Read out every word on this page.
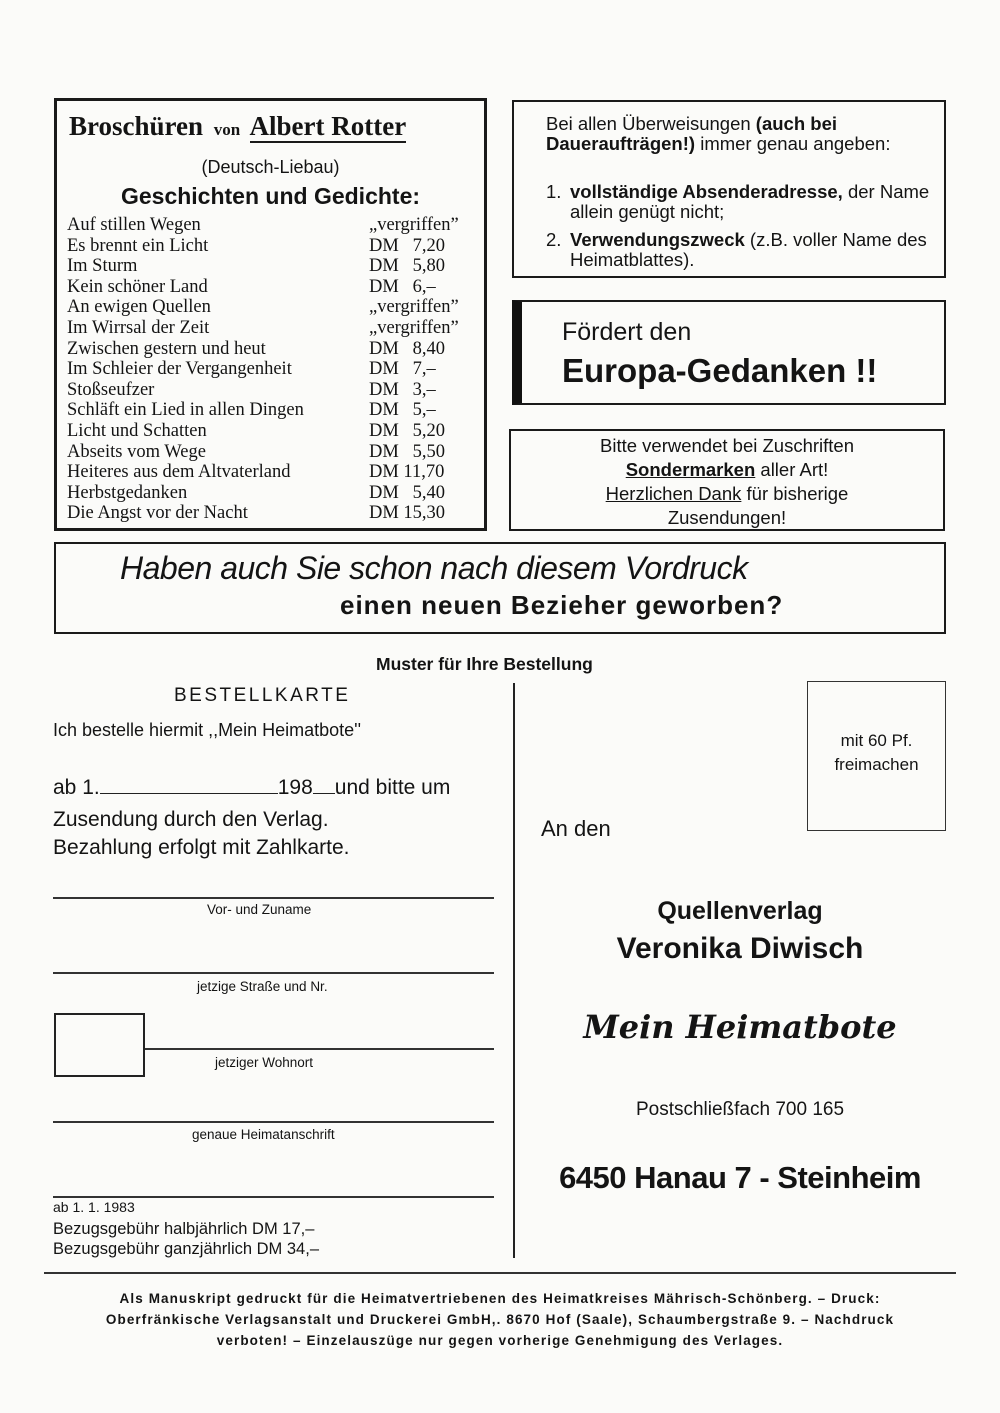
Broschüren von Albert Rotter
(Deutsch-Liebau)
Geschichten und Gedichte:
Auf stillen Wegen	„vergriffen”
Es brennt ein Licht	DM   7,20
Im Sturm	DM   5,80
Kein schöner Land	DM   6,–
An ewigen Quellen	„vergriffen”
Im Wirrsal der Zeit	„vergriffen”
Zwischen gestern und heut	DM   8,40
Im Schleier der Vergangenheit	DM   7,–
Stoßseufzer	DM   3,–
Schläft ein Lied in allen Dingen	DM   5,–
Licht und Schatten	DM   5,20
Abseits vom Wege	DM   5,50
Heiteres aus dem Altvaterland	DM 11,70
Herbstgedanken	DM   5,40
Die Angst vor der Nacht	DM 15,30
Bei allen Überweisungen (auch bei Daueraufträgen!) immer genau angeben:
1. vollständige Absenderadresse, der Name allein genügt nicht;
2. Verwendungszweck (z.B. voller Name des Heimatblattes).
Fördert den
Europa-Gedanken !!
Bitte verwendet bei Zuschriften
Sondermarken aller Art!
Herzlichen Dank für bisherige
Zusendungen!
Haben auch Sie schon nach diesem Vordruck
einen neuen Bezieher geworben?
Muster für Ihre Bestellung
BESTELLKARTE
Ich bestelle hiermit ,,Mein Heimatbote''
ab 1.	198 und bitte um
Zusendung durch den Verlag.
Bezahlung erfolgt mit Zahlkarte.
Vor- und Zuname
jetzige Straße und Nr.
jetziger Wohnort
genaue Heimatanschrift
ab 1. 1. 1983
Bezugsgebühr halbjährlich DM 17,–
Bezugsgebühr ganzjährlich DM 34,–
mit 60 Pf.
freimachen
An den
Quellenverlag
Veronika Diwisch
Mein Heimatbote
Postschließfach 700 165
6450 Hanau 7 - Steinheim
Als Manuskript gedruckt für die Heimatvertriebenen des Heimatkreises Mährisch-Schönberg. – Druck:
Oberfränkische Verlagsanstalt und Druckerei GmbH,. 8670 Hof (Saale), Schaumbergstraße 9. – Nachdruck
verboten! – Einzelauszüge nur gegen vorherige Genehmigung des Verlages.
